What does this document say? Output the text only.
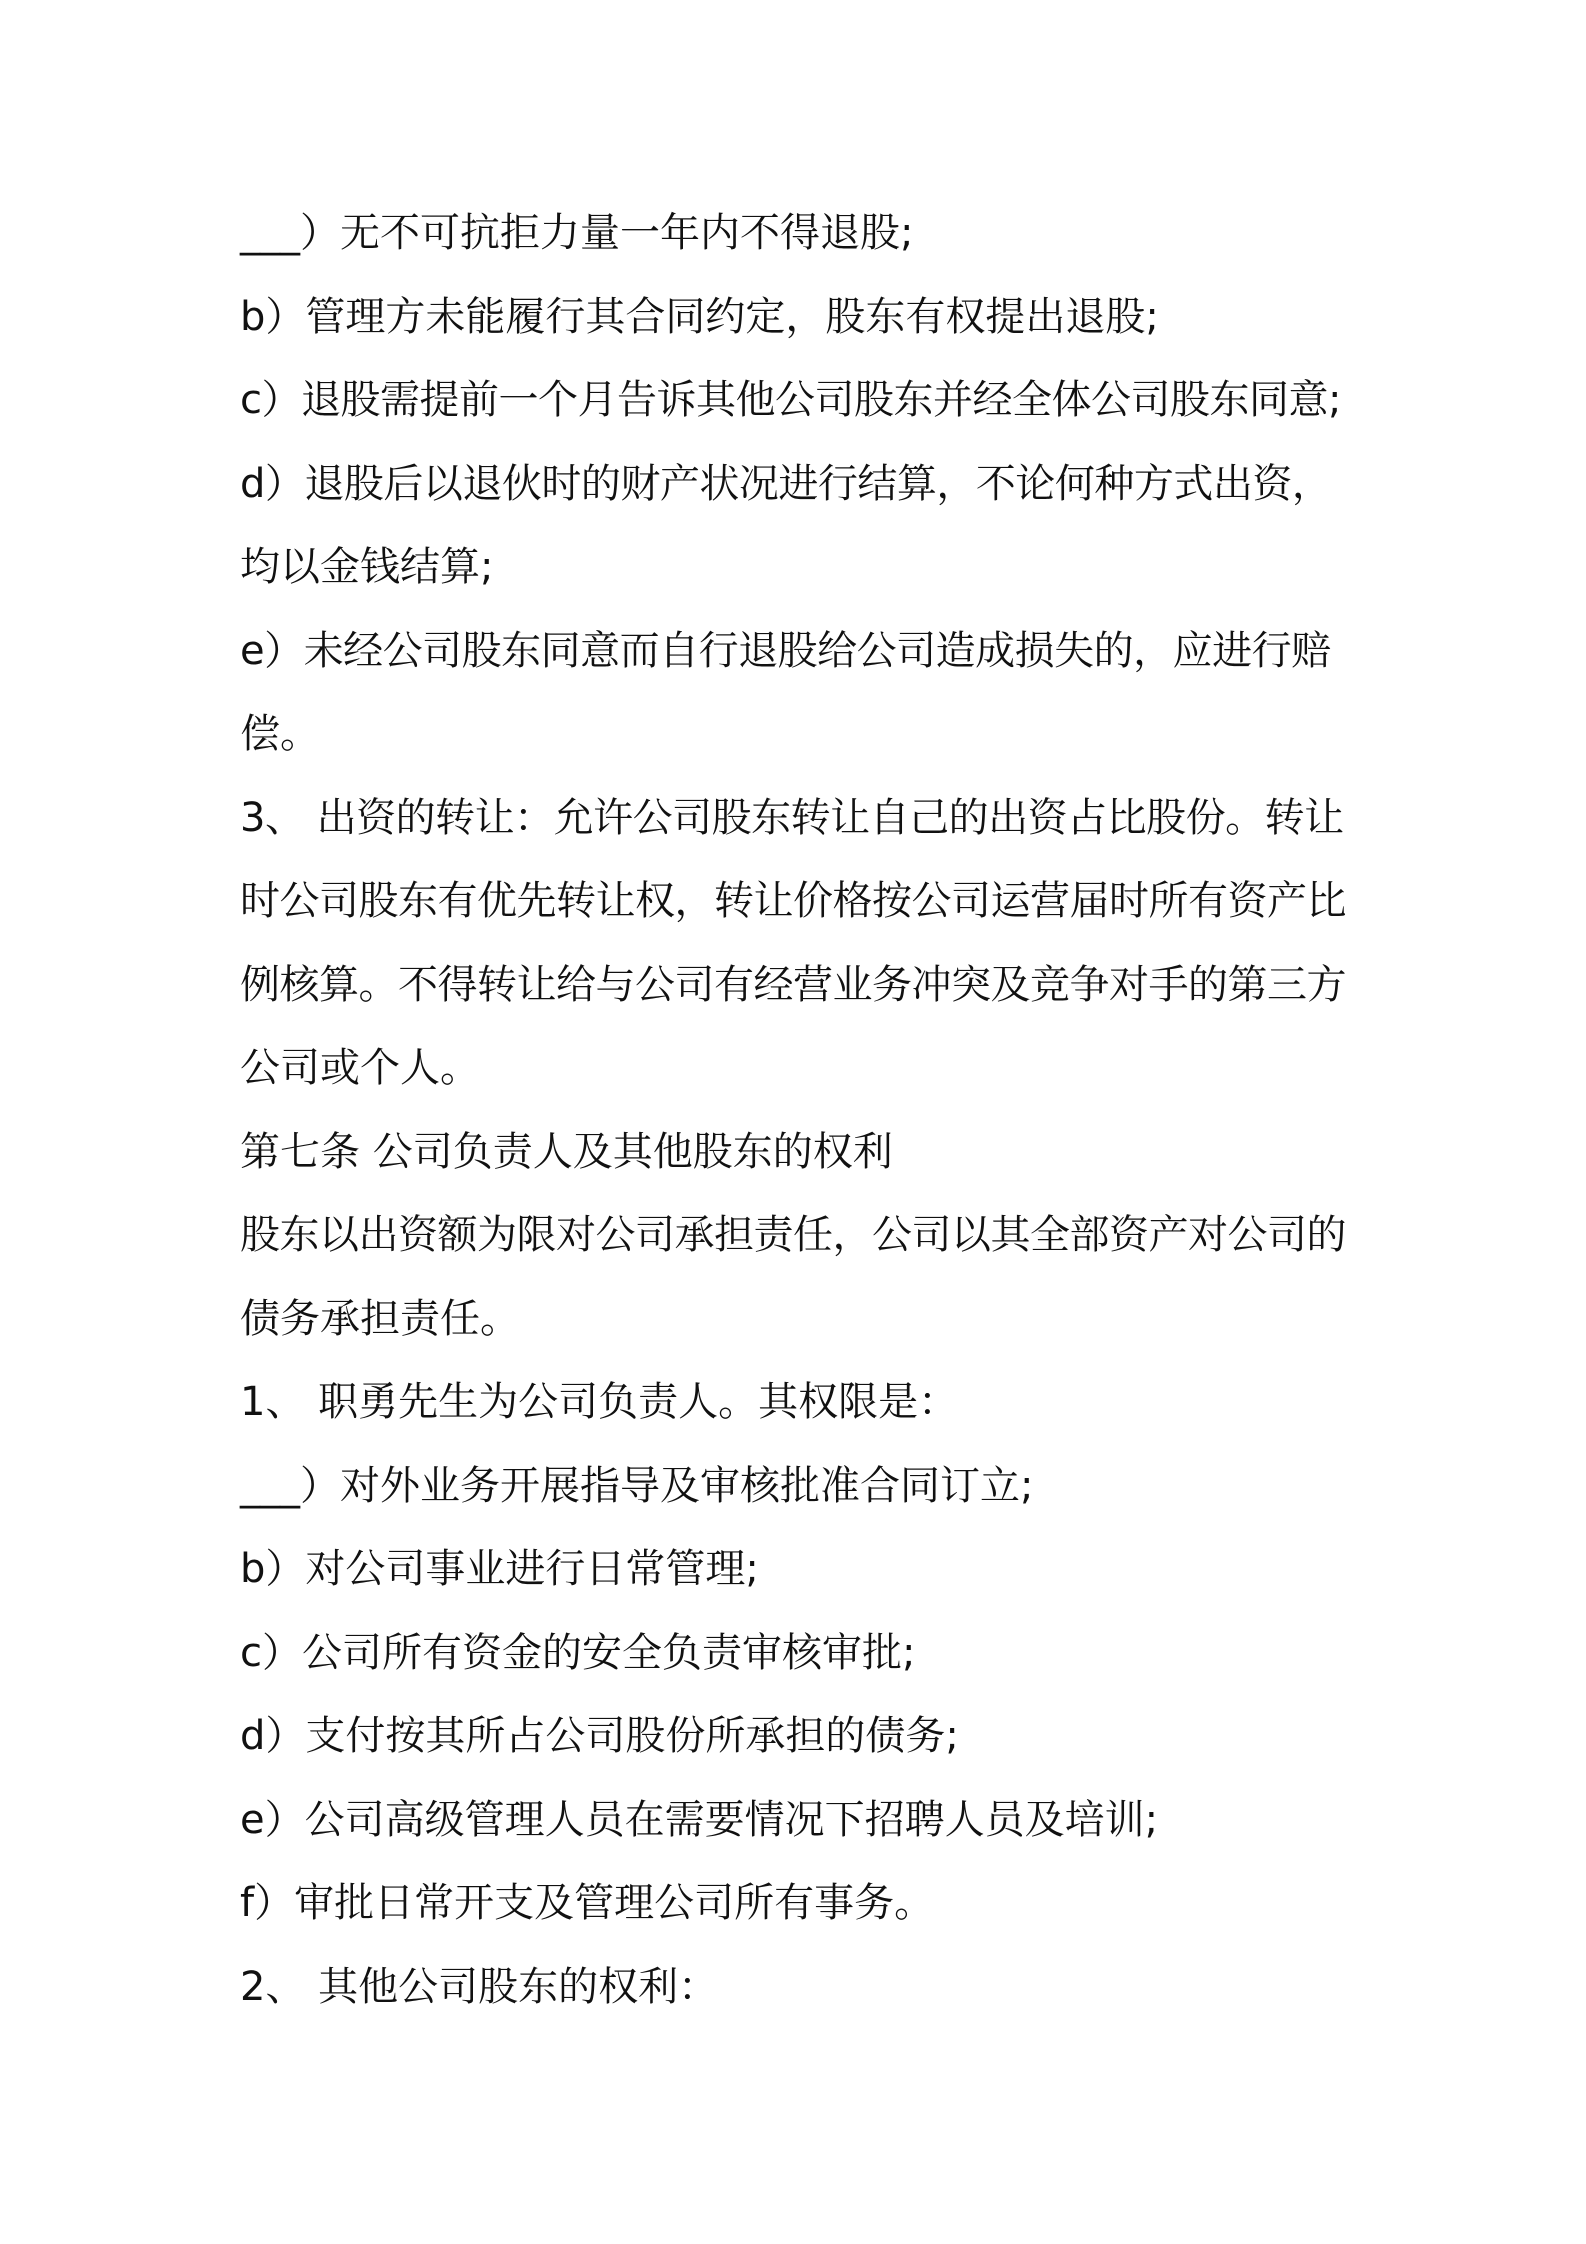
___）无不可抗拒力量一年内不得退股;
b）管理方未能履行其合同约定，股东有权提出退股;
c）退股需提前一个月告诉其他公司股东并经全体公司股东同意;
d）退股后以退伙时的财产状况进行结算，不论何种方式出资，
均以金钱结算;
e）未经公司股东同意而自行退股给公司造成损失的，应进行赔
偿。
3、 出资的转让：允许公司股东转让自己的出资占比股份。转让
时公司股东有优先转让权，转让价格按公司运营届时所有资产比
例核算。不得转让给与公司有经营业务冲突及竞争对手的第三方
公司或个人。
第七条 公司负责人及其他股东的权利
股东以出资额为限对公司承担责任，公司以其全部资产对公司的
债务承担责任。
1、 职勇先生为公司负责人。其权限是：
___）对外业务开展指导及审核批准合同订立;
b）对公司事业进行日常管理;
c）公司所有资金的安全负责审核审批;
d）支付按其所占公司股份所承担的债务;
e）公司高级管理人员在需要情况下招聘人员及培训;
f）审批日常开支及管理公司所有事务。
2、 其他公司股东的权利：
